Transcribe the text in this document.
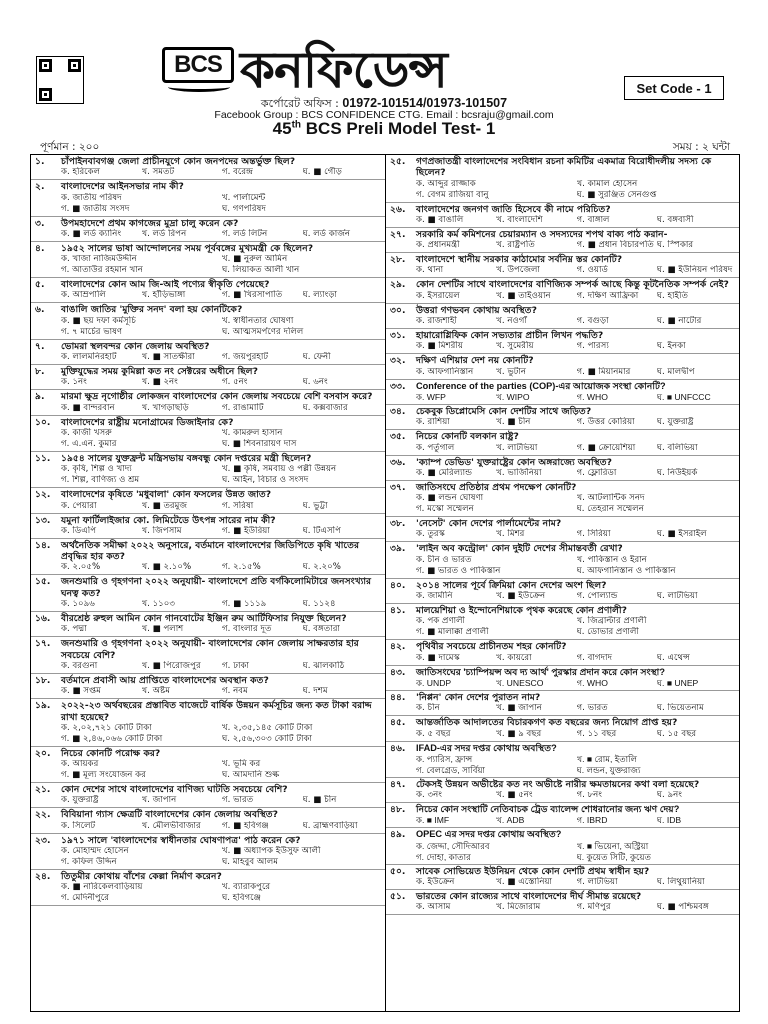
BCS কনফিডেন্স	Set Code - 1
কর্পোরেট অফিস : 01972-101514/01973-101507
Facebook Group : BCS CONFIDENCE CTG. Email : bcsraju@gmail.com
45th BCS Preli Model Test- 1
পূর্ণমান : ২০০	সময় : ২ ঘন্টা
১.	চাঁপাইনবাবগঞ্জ জেলা প্রাচীনযুগে কোন জনপদের অন্তর্ভুক্ত ছিল?
ক. হরিকেল	খ. সমতট	গ. বরেন্দ্র	ঘ. ■ গৌড়
২.	বাংলাদেশের আইনসভার নাম কী?
ক. জাতীয় পরিষদ	খ. পার্লামেন্ট
গ. ■ জাতীয় সংসদ	ঘ. গণপরিষদ
৩.	উপমহাদেশে প্রথম কাগজের মুদ্রা চালু করেন কে?
ক. ■ লর্ড ক্যানিং	খ. লর্ড রিপন	গ. লর্ড লিটন	ঘ. লর্ড কার্জন
৪.	১৯৫২ সালের ভাষা আন্দোলনের সময় পূর্ববঙ্গের মুখ্যমন্ত্রী কে ছিলেন?
ক. খাজা নাজিমউদ্দীন	খ. ■ নুরুল আমিন
গ. আতাউর রহমান খান	ঘ. লিয়াকত আলী খান
৫.	বাংলাদেশের কোন আম জি-আই পণ্যের স্বীকৃতি পেয়েছে?
ক. আম্রপালি	খ. হাঁড়িভাঙ্গা	গ. ■ খিরসাপাতি	ঘ. ল্যাংড়া
৬.	বাঙালি জাতির 'মুক্তির সনদ' বলা হয় কোনটিকে?
ক. ■ ছয় দফা কর্মসূচি	খ. স্বাধীনতার ঘোষণা
গ. ৭ মার্চের ভাষণ	ঘ. আত্মসমর্পণের দলিল
৭.	ভোমরা স্থলবন্দর কোন জেলায় অবস্থিত?
ক. লালমনিরহাট	খ. ■ সাতক্ষীরা	গ. জয়পুরহাট	ঘ. ফেনী
৮.	মুক্তিযুদ্ধের সময় কুমিল্লা কত নং সেক্টরের অধীনে ছিল?
ক. ১নং	খ. ■ ২নং	গ. ৫নং	ঘ. ৬নং
৯.	মারমা ক্ষুদ্র নৃগোষ্ঠীর লোকজন বাংলাদেশের কোন জেলায় সবচেয়ে বেশি বসবাস করে?
ক. ■ বান্দরবান	খ. খাগড়াছড়ি	গ. রাঙামাটি	ঘ. কক্সবাজার
১০.	বাংলাদেশের রাষ্ট্রীয় মনোগ্রামের ডিজাইনার কে?
ক. কাজী খসরু	খ. কামরুল হাসান
গ. এ.এন. কুমার	ঘ. ■ শিবনারায়ণ দাস
১১.	১৯৫৪ সালের যুক্তফ্রন্ট মন্ত্রিসভায় বঙ্গবন্ধু কোন দপ্তরের মন্ত্রী ছিলেন?
ক. কৃষি, শিল্প ও খাদ্য	খ. ■ কৃষি, সমবায় ও পল্লী উন্নয়ন
গ. শিল্প, বাণিজ্য ও শ্রম	ঘ. আইন, বিচার ও সংসদ
১২.	বাংলাদেশের কৃষিতে 'মধুবালা' কোন ফসলের উন্নত জাত?
ক. পেয়ারা	খ. ■ তরমুজ	গ. সরিষা	ঘ. ভুট্টা
১৩.	যমুনা ফার্টিলাইজার কো. লিমিটেডে উৎপন্ন সারের নাম কী?
ক. ডিএপি	খ. জিপসাম	গ. ■ ইউরিয়া	ঘ. টিএসপি
১৪.	অর্থনৈতিক সমীক্ষা ২০২২ অনুসারে, বর্তমানে বাংলাদেশের জিডিপিতে কৃষি খাতের প্রবৃদ্ধির হার কত?
ক. ২.০৫%	খ. ■ ২.১০%	গ. ২.১৫%	ঘ. ২.২০%
১৫.	জনশুমারি ও গৃহগণনা ২০২২ অনুযায়ী- বাংলাদেশে প্রতি বর্গকিলোমিটারে জনসংখ্যার ঘনত্ব কত?
ক. ১০৯৬	খ. ১১০৩	গ. ■ ১১১৯	ঘ. ১১২৪
১৬.	বীরশ্রেষ্ঠ রুহুল আমিন কোন গানবোটের ইঞ্জিন রুম আর্টিফিসার নিযুক্ত ছিলেন?
ক. পদ্মা	খ. ■ পলাশ	গ. বাংলার দূত	ঘ. বঙ্গতারা
১৭.	জনশুমারি ও গৃহগণনা ২০২২ অনুযায়ী- বাংলাদেশের কোন জেলায় সাক্ষরতার হার সবচেয়ে বেশি?
ক. বরগুনা	খ. ■ পিরোজপুর	গ. ঢাকা	ঘ. ঝালকাঠি
১৮.	বর্তমানে প্রবাসী আয় প্রাপ্তিতে বাংলাদেশের অবস্থান কত?
ক. ■ সপ্তম	খ. অষ্টম	গ. নবম	ঘ. দশম
১৯.	২০২২-২৩ অর্থবছরের প্রস্তাবিত বাজেটে বার্ষিক উন্নয়ন কর্মসূচির জন্য কত টাকা বরাদ্দ রাখা হয়েছে?
ক. ২,০২,৭২১ কোটি টাকা	খ. ২,৩৫,১৪৫ কোটি টাকা
গ. ■ ২,৪৬,০৬৬ কোটি টাকা	ঘ. ২,৫৬,৩০৩ কোটি টাকা
২০.	নিচের কোনটি পরোক্ষ কর?
ক. আয়কর	খ. ভূমি কর
গ. ■ মূল্য সংযোজন কর	ঘ. আমদানি শুল্ক
২১.	কোন দেশের সাথে বাংলাদেশের বাণিজ্য ঘাটতি সবচেয়ে বেশি?
ক. যুক্তরাষ্ট্র	খ. জাপান	গ. ভারত	ঘ. ■ চীন
২২.	বিবিয়ানা গ্যাস ক্ষেত্রটি বাংলাদেশের কোন জেলায় অবস্থিত?
ক. সিলেট	খ. মৌলভীবাজার	গ. ■ হবিগঞ্জ	ঘ. ব্রাহ্মণবাড়িয়া
২৩.	১৯৭১ সালে 'বাংলাদেশের স্বাধীনতার ঘোষণাপত্র' পাঠ করেন কে?
ক. মোহাম্মদ হোসেন	খ. ■ অধ্যাপক ইউসুফ আলী
গ. কফিল উদ্দিন	ঘ. মাহবুব আলম
২৪.	তিতুমীর কোথায় বাঁশের কেল্লা নির্মাণ করেন?
ক. ■ নারিকেলবাড়িয়ায়	খ. ব্যারাকপুরে
গ. মেদিনীপুরে	ঘ. হবিগঞ্জে
২৫.	গণপ্রজাতন্ত্রী বাংলাদেশের সংবিধান রচনা কমিটির একমাত্র বিরোধীদলীয় সদস্য কে ছিলেন?
ক. আব্দুর রাজ্জাক	খ. কামাল হোসেন
গ. বেগম রাজিয়া বানু	ঘ. ■ সুরঞ্জিত সেনগুপ্ত
২৬.	বাংলাদেশের জনগণ জাতি হিসেবে কী নামে পরিচিত?
ক. ■ বাঙালি	খ. বাংলাদেশি	গ. বাঙ্গাল	ঘ. বঙ্গবাসী
২৭.	সরকারি কর্ম কমিশনের চেয়ারম্যান ও সদস্যদের শপথ বাক্য পাঠ করান-
ক. প্রধানমন্ত্রী	খ. রাষ্ট্রপতি	গ. ■ প্রধান বিচারপতি ঘ. স্পিকার
২৮.	বাংলাদেশে স্থানীয় সরকার কাঠামোর সর্বনিম্ন স্তর কোনটি?
ক. থানা	খ. উপজেলা	গ. ওয়ার্ড	ঘ. ■ ইউনিয়ন পরিষদ
২৯.	কোন দেশটির সাথে বাংলাদেশের বাণিজ্যিক সম্পর্ক আছে কিন্তু কূটনৈতিক সম্পর্ক নেই?
ক. ইসরায়েল	খ. ■ তাইওয়ান	গ. দক্ষিণ আফ্রিকা	ঘ. হাইতি
৩০.	উত্তরা গণভবন কোথায় অবস্থিত?
ক. রাজশাহী	খ. নওগাঁ	গ. বগুড়া	ঘ. ■ নাটোর
৩১.	হায়ারোগ্লিফিক কোন সভ্যতার প্রাচীন লিখন পদ্ধতি?
ক. ■ মিশরীয়	খ. সুমেরীয়	গ. পারস্য	ঘ. ইনকা
৩২.	দক্ষিণ এশিয়ার দেশ নয় কোনটি?
ক. আফগানিস্তান	খ. ভুটান	গ. ■ মিয়ানমার	ঘ. মালদ্বীপ
৩৩.	Conference of the parties (COP)-এর আয়োজক সংস্থা কোনটি?
ক. WFP	খ. WIPO	গ. WHO	ঘ. ■ UNFCCC
৩৪.	চেকবুক ডিপ্লোমেসি কোন দেশটির সাথে জড়িত?
ক. রাশিয়া	খ. ■ চীন	গ. উত্তর কোরিয়া	ঘ. যুক্তরাষ্ট্র
৩৫.	নিচের কোনটি বলকান রাষ্ট্র?
ক. পর্তুগাল	খ. লাটভিয়া	গ. ■ ক্রোয়েশিয়া	ঘ. বলিভিয়া
৩৬.	'ক্যাম্প ডেভিড' যুক্তরাষ্ট্রের কোন অঙ্গরাজ্যে অবস্থিত?
ক. ■ মেরিল্যান্ড	খ. ভার্জিনিয়া	গ. ফ্লোরিডা	ঘ. নিউইয়র্ক
৩৭.	জাতিসংঘে প্রতিষ্ঠার প্রথম পদক্ষেপ কোনটি?
ক. ■ লন্ডন ঘোষণা	খ. আটলান্টিক সনদ
গ. মস্কো সম্মেলন	ঘ. তেহরান সম্মেলন
৩৮.	'নেসেট' কোন দেশের পার্লামেন্টের নাম?
ক. তুরস্ক	খ. মিশর	গ. সিরিয়া	ঘ. ■ ইসরাইল
৩৯.	'লাইন অব কন্ট্রোল' কোন দুইটি দেশের সীমান্তবর্তী রেখা?
ক. চীন ও ভারত	খ. পাকিস্তান ও ইরান
গ. ■ ভারত ও পাকিস্তান	ঘ. আফগানিস্তান ও পাকিস্তান
৪০.	২০১৪ সালের পূর্বে ক্রিমিয়া কোন দেশের অংশ ছিল?
ক. জার্মানি	খ. ■ ইউক্রেন	গ. পোল্যান্ড	ঘ. লাটভিয়া
৪১.	মালয়েশিয়া ও ইন্দোনেশিয়াকে পৃথক করেছে কোন প্রণালী?
ক. পক প্রণালী	খ. জিব্রাল্টার প্রণালী
গ. ■ মালাক্কা প্রণালী	ঘ. ডোভার প্রণালী
৪২.	পৃথিবীর সবচেয়ে প্রাচীনতম শহর কোনটি?
ক. ■ দামেস্ক	খ. কায়রো	গ. বাগদাদ	ঘ. এথেন্স
৪৩.	জাতিসংঘের 'চ্যাম্পিয়ন্স অব দ্য আর্থ' পুরস্কার প্রদান করে কোন সংস্থা?
ক. UNDP	খ. UNESCO	গ. WHO	ঘ. ■ UNEP
৪৪.	'নিপ্পন' কোন দেশের পুরাতন নাম?
ক. চীন	খ. ■ জাপান	গ. ভারত	ঘ. ভিয়েতনাম
৪৫.	আন্তর্জাতিক আদালতের বিচারকগণ কত বছরের জন্য নিয়োগ প্রাপ্ত হয়?
ক. ৫ বছর	খ. ■ ৯ বছর	গ. ১১ বছর	ঘ. ১৫ বছর
৪৬.	IFAD-এর সদর দপ্তর কোথায় অবস্থিত?
ক. প্যারিস, ফ্রান্স	খ. ■ রোম, ইতালি
গ. বেলগ্রেড, সার্বিয়া	ঘ. লন্ডন, যুক্তরাজ্য
৪৭.	টেকসই উন্নয়ন অভীষ্টের কত নং অভীষ্টে নারীর ক্ষমতায়নের কথা বলা হয়েছে?
ক. ৩নং	খ. ■ ৫নং	গ. ৮নং	ঘ. ৯নং
৪৮.	নিচের কোন সংস্থাটি নেতিবাচক ট্রেড ব্যালেন্স শোধরানোর জন্য ঋণ দেয়?
ক. ■ IMF	খ. ADB	গ. IBRD	ঘ. IDB
৪৯.	OPEC এর সদর দপ্তর কোথায় অবস্থিত?
ক. জেদ্দা, সৌদিআরব	খ. ■ ভিয়েনা, অস্ট্রিয়া
গ. দোহা, কাতার	ঘ. কুয়েত সিটি, কুয়েত
৫০.	সাবেক সোভিয়েত ইউনিয়ন থেকে কোন দেশটি প্রথম স্বাধীন হয়?
ক. ইউক্রেন	খ. ■ এস্তোনিয়া	গ. লাটভিয়া	ঘ. লিথুয়ানিয়া
৫১.	ভারতের কোন রাজ্যের সাথে বাংলাদেশের দীর্ঘ সীমান্ত রয়েছে?
ক. আসাম	খ. মিজোরাম	গ. মণিপুর	ঘ. ■ পশ্চিমবঙ্গ
